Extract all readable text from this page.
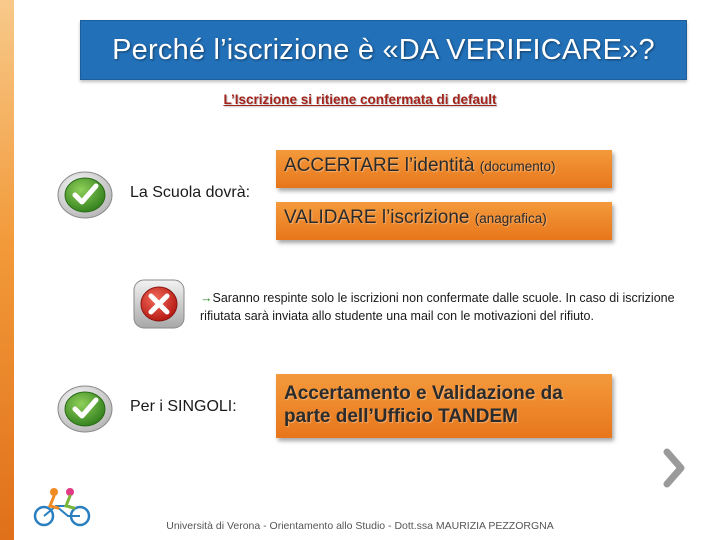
Perché l’iscrizione è «DA VERIFICARE»?
L’Iscrizione si ritiene confermata di default
La Scuola dovrà:
ACCERTARE l’identità (documento)
VALIDARE l’iscrizione (anagrafica)
→Saranno respinte solo le iscrizioni non confermate dalle scuole. In caso di iscrizione rifiutata sarà inviata allo studente una mail con le motivazioni del rifiuto.
Per i SINGOLI:
Accertamento e Validazione da parte dell’Ufficio TANDEM
Università di Verona - Orientamento allo Studio - Dott.ssa MAURIZIA PEZZORGNA
